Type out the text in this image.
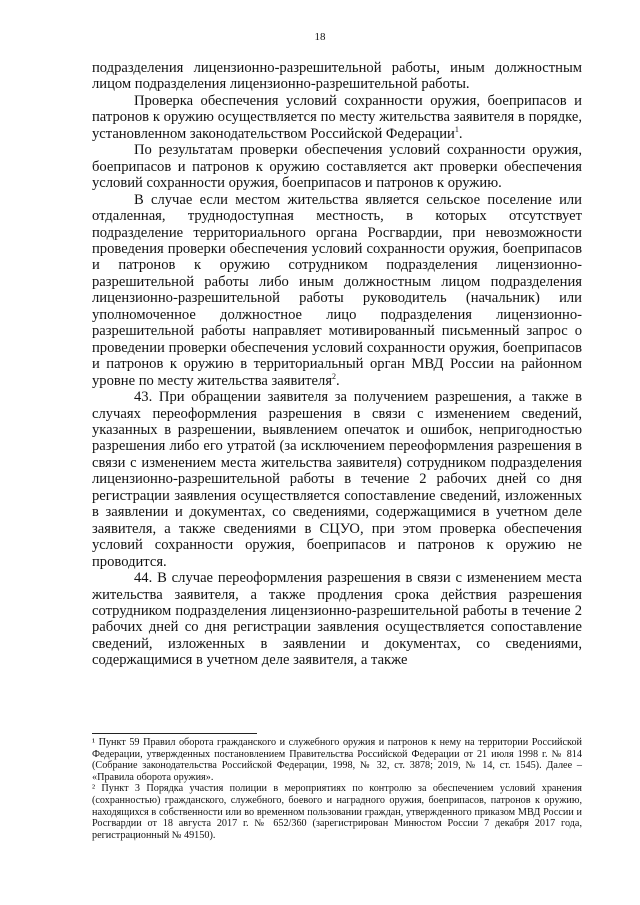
18

подразделения лицензионно-разрешительной работы, иным должностным лицом подразделения лицензионно-разрешительной работы.

Проверка обеспечения условий сохранности оружия, боеприпасов и патронов к оружию осуществляется по месту жительства заявителя в порядке, установленном законодательством Российской Федерации$^1$.

По результатам проверки обеспечения условий сохранности оружия, боеприпасов и патронов к оружию составляется акт проверки обеспечения условий сохранности оружия, боеприпасов и патронов к оружию.

В случае если местом жительства является сельское поселение или отдаленная, труднодоступная местность, в которых отсутствует подразделение территориального органа Росгвардии, при невозможности проведения проверки обеспечения условий сохранности оружия, боеприпасов и патронов к оружию сотрудником подразделения лицензионно-разрешительной работы либо иным должностным лицом подразделения лицензионно-разрешительной работы руководитель (начальник) или уполномоченное должностное лицо подразделения лицензионно-разрешительной работы направляет мотивированный письменный запрос о проведении проверки обеспечения условий сохранности оружия, боеприпасов и патронов к оружию в территориальный орган МВД России на районном уровне по месту жительства заявителя$^2$.

43. При обращении заявителя за получением разрешения, а также в случаях переоформления разрешения в связи с изменением сведений, указанных в разрешении, выявлением опечаток и ошибок, непригодностью разрешения либо его утратой (за исключением переоформления разрешения в связи с изменением места жительства заявителя) сотрудником подразделения лицензионно-разрешительной работы в течение 2 рабочих дней со дня регистрации заявления осуществляется сопоставление сведений, изложенных в заявлении и документах, со сведениями, содержащимися в учетном деле заявителя, а также сведениями в СЦУО, при этом проверка обеспечения условий сохранности оружия, боеприпасов и патронов к оружию не проводится.

44. В случае переоформления разрешения в связи с изменением места жительства заявителя, а также продления срока действия разрешения сотрудником подразделения лицензионно-разрешительной работы в течение 2 рабочих дней со дня регистрации заявления осуществляется сопоставление сведений, изложенных в заявлении и документах, со сведениями, содержащимися в учетном деле заявителя, а также

¹ Пункт 59 Правил оборота гражданского и служебного оружия и патронов к нему на территории Российской Федерации, утвержденных постановлением Правительства Российской Федерации от 21 июля 1998 г. № 814 (Собрание законодательства Российской Федерации, 1998, № 32, ст. 3878; 2019, № 14, ст. 1545). Далее – «Правила оборота оружия».

² Пункт 3 Порядка участия полиции в мероприятиях по контролю за обеспечением условий хранения (сохранностью) гражданского, служебного, боевого и наградного оружия, боеприпасов, патронов к оружию, находящихся в собственности или во временном пользовании граждан, утвержденного приказом МВД России и Росгвардии от 18 августа 2017 г. № 652/360 (зарегистрирован Минюстом России 7 декабря 2017 года, регистрационный № 49150).
